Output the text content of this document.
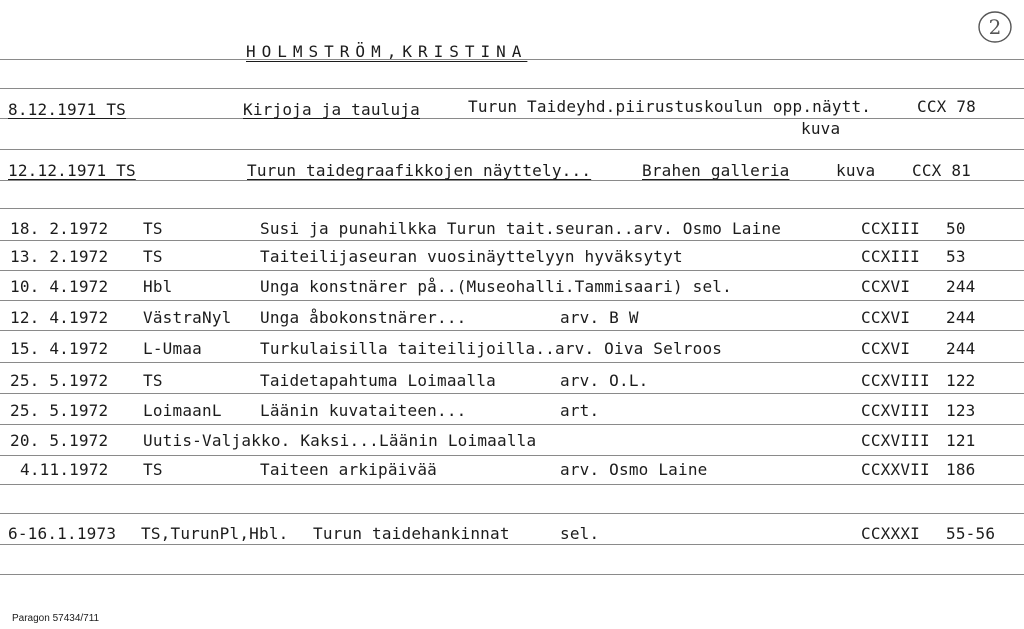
HOLMSTRÖM,KRISTINA
2
8.12.1971 TS	Kirjoja ja tauluja	Turun Taideyhd.piirustuskoulun opp.näytt.	CCX 78
kuva
12.12.1971 TS	Turun taidegraafikkojen näyttely...	Brahen galleria	kuva CCX 81
18. 2.1972 TS	Susi ja punahilkka Turun tait.seuran..arv. Osmo Laine	CCXIII 50
13. 2.1972 TS	Taiteilijaseuran vuosinäyttelyyn hyväksytyt	CCXIII 53
10. 4.1972 Hbl	Unga konstnärer på..(Museohalli.Tammisaari) sel.	CCXVI 244
12. 4.1972 VästraNyl Unga åbokonstnärer...	arv. B W	CCXVI 244
15. 4.1972 L-Umaa	Turkulaisilla taiteilijoilla..arv. Oiva Selroos	CCXVI 244
25. 5.1972 TS	Taidetapahtuma Loimaalla	arv. O.L.	CCXVIII 122
25. 5.1972 LoimaanL Läänin kuvataiteen...	art.	CCXVIII 123
20. 5.1972 Uutis-Valjakko. Kaksi...Läänin Loimaalla	CCXVIII 121
4.11.1972 TS	Taiteen arkipäivää	arv. Osmo Laine	CCXXVII 186
6-16.1.1973 TS,TurunPl,Hbl. Turun taidehankinnat	sel.	CCXXXI 55-56
Paragon 57434/711
